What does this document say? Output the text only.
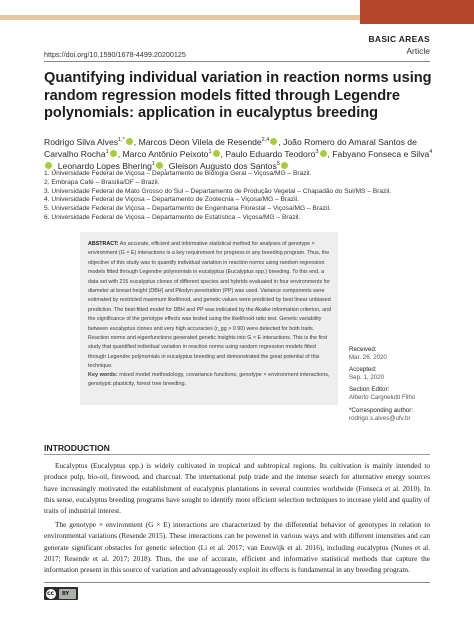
BASIC AREAS
Article
https://doi.org/10.1590/1678-4499.20200125
Quantifying individual variation in reaction norms using random regression models fitted through Legendre polynomials: application in eucalyptus breeding
Rodrigo Silva Alves$^{1,*}$ , Marcos Deon Vilela de Resende$^{2,4}$ , João Romero do Amaral Santos de Carvalho Rocha$^1$ , Marco Antônio Peixoto$^1$ , Paulo Eduardo Teodoro$^3$ , Fabyano Fonseca e Silva$^4$, Leonardo Lopes Bhering$^1$ , Gleison Augusto dos Santos$^5$
1. Universidade Federal de Viçosa – Departamento de Biologia Geral – Viçosa/MG – Brazil.
2. Embrapa Café – Brasília/DF – Brazil.
3. Universidade Federal de Mato Grosso do Sul – Departamento de Produção Vegetal – Chapadão do Sul/MS – Brazil.
4. Universidade Federal de Viçosa – Departamento de Zootecnia – Viçosa/MG – Brazil.
5. Universidade Federal de Viçosa – Departamento de Engenharia Florestal – Viçosa/MG – Brazil.
6. Universidade Federal de Viçosa – Departamento de Estatística – Viçosa/MG – Brazil.

ABSTRACT: An accurate, efficient and informative statistical method for analyses of genotype × environment (G × E) interactions is a key requirement for progress in any breeding program. Thus, the objective of this study was to quantify individual variation in reaction norms using random regression models fitted through Legendre polynomials in eucalyptus (Eucalyptus spp.) breeding. To this end, a data set with 215 eucalyptus clones of different species and hybrids evaluated in four environments for diameter at breast height (DBH) and Pilodyn penetration (PP) was used. Variance components were estimated by restricted maximum likelihood, and genetic values were predicted by best linear unbiased prediction. The best-fitted model for DBH and PP was indicated by the Akaike information criterion, and the significance of the genotype effects was tested using the likelihood ratio test. Genetic variability between eucalyptus clones and very high accuracies (r_gg > 0.90) were detected for both traits. Reaction norms and eigenfunctions generated genetic insights into G × E interactions. This is the first study that quantified individual variation in reaction norms using random regression models fitted through Legendre polynomials in eucalyptus breeding and demonstrated the great potential of this technique.

Key words: mixed model methodology, covariance functions, genotype × environment interactions, genotypic plasticity, forest tree breeding.

Received:
Mar. 26, 2020
Accepted:
Sep. 1, 2020
Section Editor:
Alberto Cargnelutti Filho
*Corresponding author:
rodrigo.s.alves@ufv.br
INTRODUCTION

Eucalyptus (Eucalyptus spp.) is widely cultivated in tropical and subtropical regions. Its cultivation is mainly intended to produce pulp, bio-oil, firewood, and charcoal. The international pulp trade and the intense search for alternative energy sources have increasingly motivated the establishment of eucalyptus plantations in several countries worldwide (Fonseca et al. 2010). In this sense, eucalyptus breeding programs have sought to identify more efficient selection techniques to increase yield and quality of traits of industrial interest.

The genotype × environment (G × E) interactions are characterized by the differential behavior of genotypes in relation to environmental variations (Resende 2015). These interactions can be powered in various ways and with different intensities and can generate significant obstacles for genetic selection (Li et al. 2017; van Eeuwijk et al. 2016), including eucalyptus (Nunes et al. 2017; Resende et al. 2017; 2018). Thus, the use of accurate, efficient and informative statistical methods that capture the information present in this source of variation and advantageously exploit its effects is fundamental in any breeding program.

cc
BY
